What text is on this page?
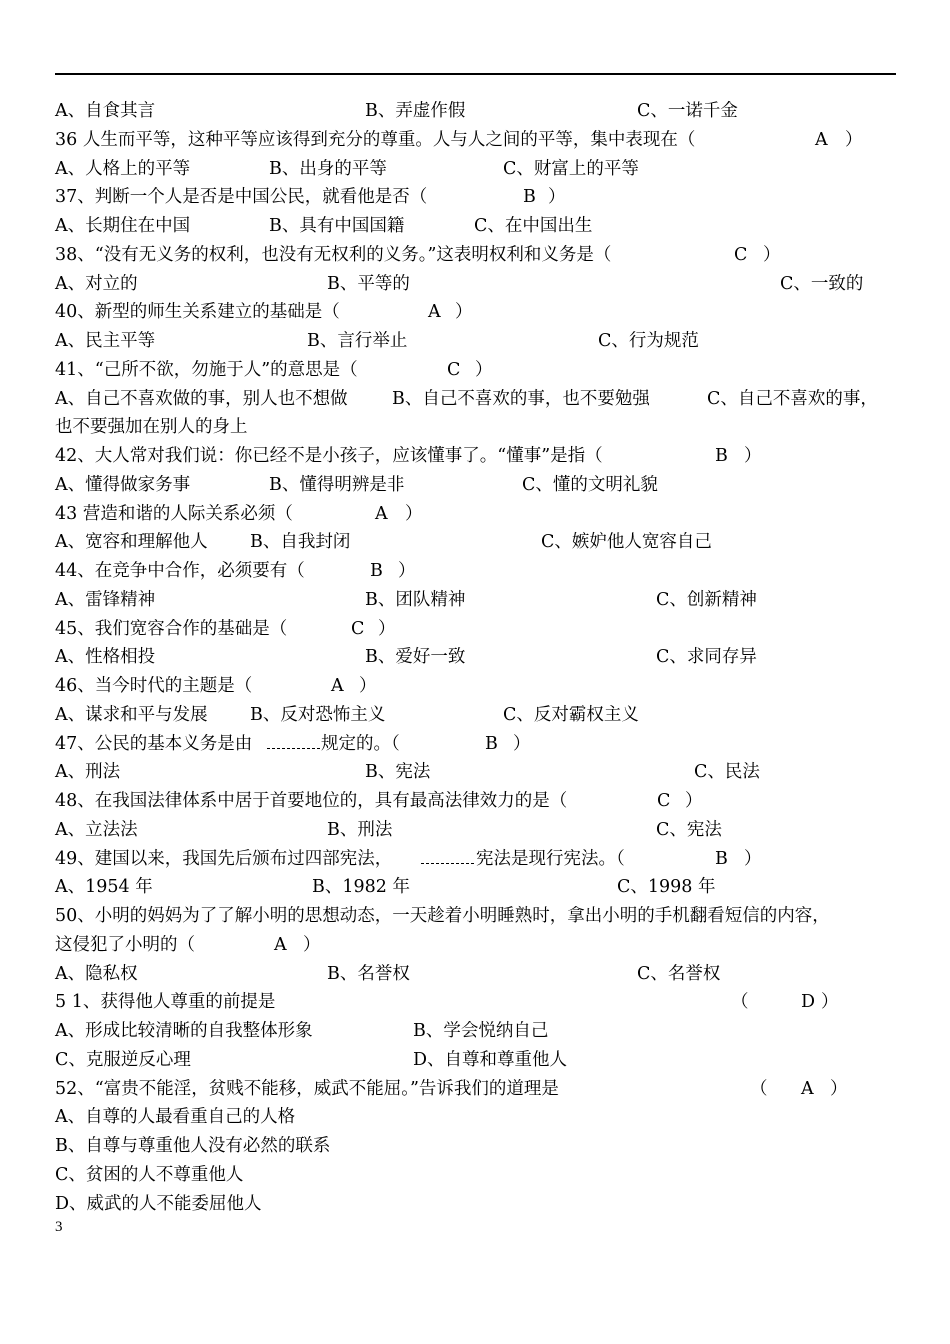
A、自食其言	B、弄虚作假	C、一诺千金
36 人生而平等，这种平等应该得到充分的尊重。人与人之间的平等，集中表现在（	A ）
A、人格上的平等	B、出身的平等	C、财富上的平等
37、判断一个人是否是中国公民，就看他是否（	B ）
A、长期住在中国	B、具有中国国籍	C、在中国出生
38、“没有无义务的权利，也没有无权利的义务。”这表明权利和义务是（	C ）
A、对立的	B、平等的	C、一致的
40、新型的师生关系建立的基础是（	A ）
A、民主平等	B、言行举止	C、行为规范
41、“己所不欲，勿施于人”的意思是（	C ）
A、自己不喜欢做的事，别人也不想做	B、自己不喜欢的事，也不要勉强	C、自己不喜欢的事，
也不要强加在别人的身上
42、大人常对我们说：你已经不是小孩子，应该懂事了。“懂事”是指（	B ）
A、懂得做家务事	B、懂得明辨是非	C、懂的文明礼貌
43 营造和谐的人际关系必须（	A ）
A、宽容和理解他人 B、自我封闭	C、嫉妒他人宽容自己
44、在竞争中合作，必须要有（	B ）
A、雷锋精神	B、团队精神	C、创新精神
45、我们宽容合作的基础是（	C ）
A、性格相投	B、爱好一致	C、求同存异
46、当今时代的主题是（	A ）
A、谋求和平与发展 B、反对恐怖主义	C、反对霸权主义
47、公民的基本义务是由	规定的。（	B ）
A、刑法	B、宪法	C、民法
48、在我国法律体系中居于首要地位的，具有最高法律效力的是（	C ）
A、立法法	B、刑法	C、宪法
49、建国以来，我国先后颁布过四部宪法，	宪法是现行宪法。（	B ）
A、1954 年	B、1982 年	C、1998 年
50、小明的妈妈为了了解小明的思想动态，一天趁着小明睡熟时，拿出小明的手机翻看短信的内容，
这侵犯了小明的（	A ）
A、隐私权	B、名誉权	C、名誉权
5 1、获得他人尊重的前提是	（	D ）
A、形成比较清晰的自我整体形象	B、学会悦纳自己
C、克服逆反心理	D、自尊和尊重他人
52、“富贵不能淫，贫贱不能移，威武不能屈。”告诉我们的道理是	（ A ）
A、自尊的人最看重自己的人格
B、自尊与尊重他人没有必然的联系
C、贫困的人不尊重他人
D、威武的人不能委屈他人
3
